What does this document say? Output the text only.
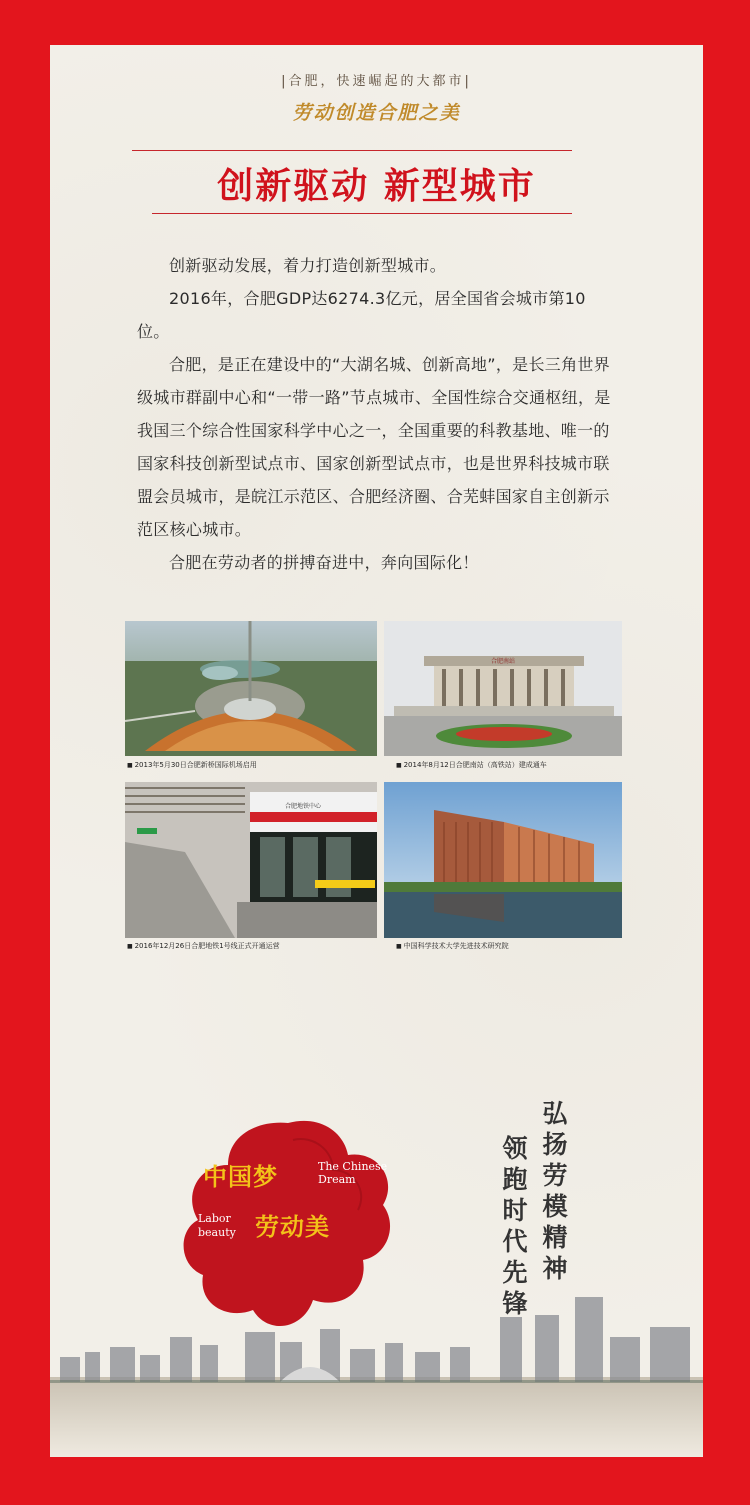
|合肥，快速崛起的大都市|
劳动创造合肥之美
创新驱动 新型城市

创新驱动发展，着力打造创新型城市。

2016年，合肥GDP达6274.3亿元，居全国省会城市第10位。

合肥，是正在建设中的“大湖名城、创新高地”，是长三角世界级城市群副中心和“一带一路”节点城市、全国性综合交通枢纽，是我国三个综合性国家科学中心之一，全国重要的科教基地、唯一的国家科技创新型试点市、国家创新型试点市，也是世界科技城市联盟会员城市，是皖江示范区、合肥经济圈、合芜蚌国家自主创新示范区核心城市。

合肥在劳动者的拼搏奋进中，奔向国际化！

■ 2013年5月30日合肥新桥国际机场启用
合肥南站
■ 2014年8月12日合肥南站（高铁站）建成通车
合肥地铁中心
■ 2016年12月26日合肥地铁1号线正式开通运营
■	中国科学技术大学先进技术研究院
中国梦	The Chinese Dream
Labor beauty 劳动美	弘扬劳模精神
领跑时代先锋
